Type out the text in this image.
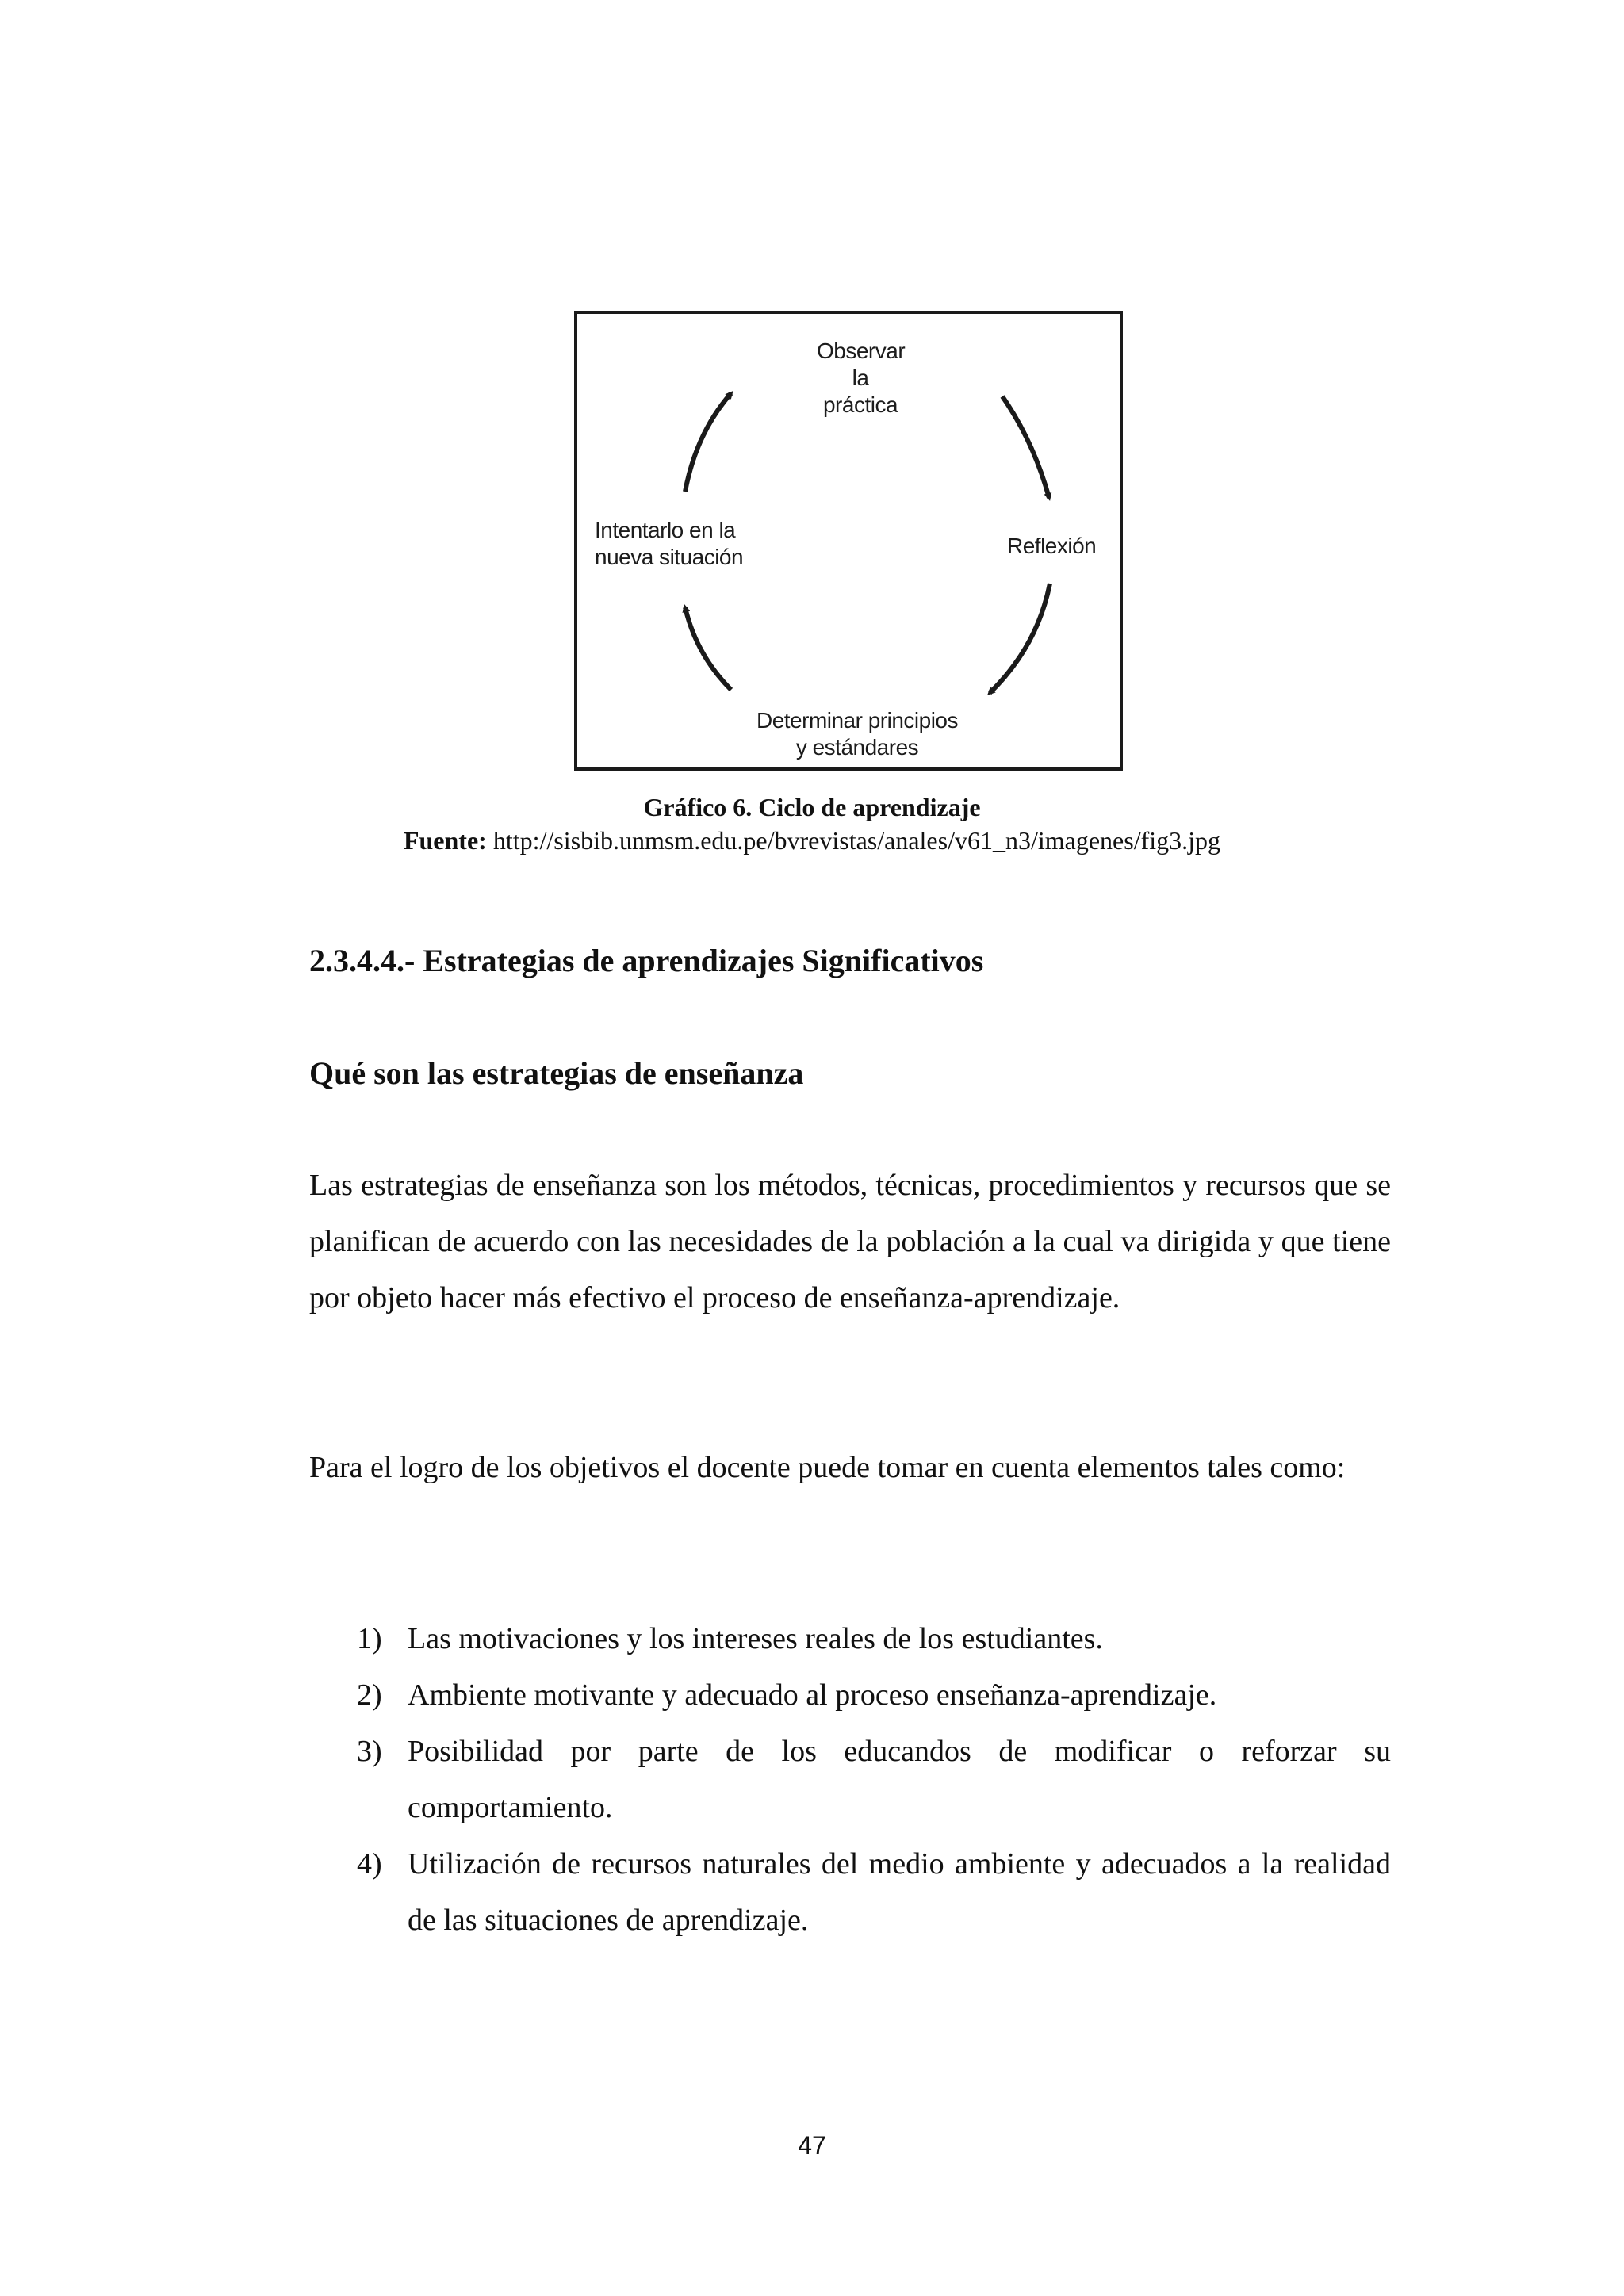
Observar
la práctica
Reflexión
Determinar principios
y estándares
Intentarlo en la
nueva situación
Gráfico 6. Ciclo de aprendizaje
Fuente: http://sisbib.unmsm.edu.pe/bvrevistas/anales/v61_n3/imagenes/fig3.jpg
2.3.4.4.- Estrategias de aprendizajes Significativos
Qué son las estrategias de enseñanza
Las estrategias de enseñanza son los métodos, técnicas, procedimientos y recursos que se planifican de acuerdo con las necesidades de la población a la cual va dirigida y que tiene por objeto hacer más efectivo el proceso de enseñanza-aprendizaje.
Para el logro de los objetivos el docente puede tomar en cuenta elementos tales como:
1) Las motivaciones y los intereses reales de los estudiantes.
2) Ambiente motivante y adecuado al proceso enseñanza-aprendizaje.
3) Posibilidad por parte de los educandos de modificar o reforzar su comportamiento.
4) Utilización de recursos naturales del medio ambiente y adecuados a la realidad de las situaciones de aprendizaje.
47
